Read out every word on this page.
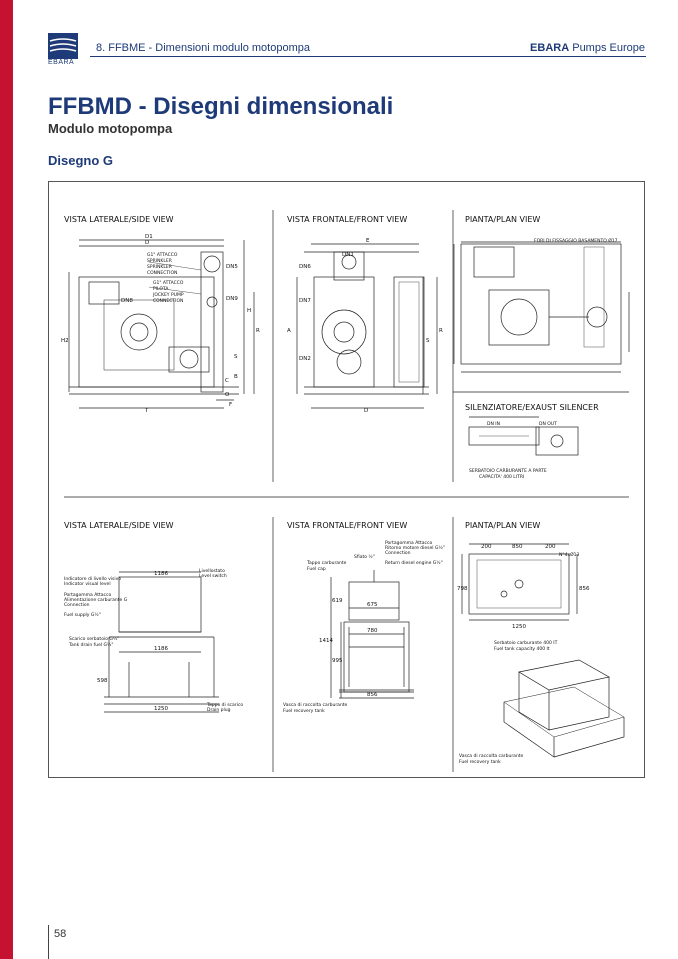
EBARA
8. FFBME - Dimensioni modulo motopompa	EBARA Pumps Europe
FFBMD - Disegni dimensionali
Modulo motopompa
Disegno G
VISTA LATERALE/SIDE VIEW	VISTA FRONTALE/FRONT VIEW	PIANTA/PLAN VIEW
FORI DI FISSAGGIO BASAMENTO Ø17
G1" ATTACCO
SPRINKLER
SPRINKLER
CONNECTION
G1" ATTACCO
PILOTA
JOCKEY PUMP
CONNECTION
D1
D
H2
H
S
R
B
C
O
T
F
DN5
DN8	DN9
E
A
S
R
D
DN6
DN7
DN2
DN1
SILENZIATORE/EXAUST SILENCER
DN IN	DN OUT
SERBATOIO CARBURANTE A PARTE
CAPACITA' 400 LITRI
VISTA LATERALE/SIDE VIEW	VISTA FRONTALE/FRONT VIEW	PIANTA/PLAN VIEW
Livellostato
Level switch
Indicatore di livello visivo
Indicator visual level
Portagomma Attacco
Alimentazione carburante G
Connection
Fuel supply G½"
Scarico serbatoio G½"
Tank drain fuel G½"
Tappo di scarico
Drain plug
Portagomma Attacco
Ritorno motore diesel G½"
Connection
Return diesel engine G½"
Tappo carburante
Fuel cap
Sfiato ½"
Vasca di raccolta carburante
Fuel recovery tank
N°4xØ13
Serbatoio carburante 400 IT
Fuel tank capacity 400 lt
Vasca di raccolta carburante
Fuel recovery tank
1186
1186
598
1250
675
780
856
1414
995
619
200	850	200
798	856
1250
58
